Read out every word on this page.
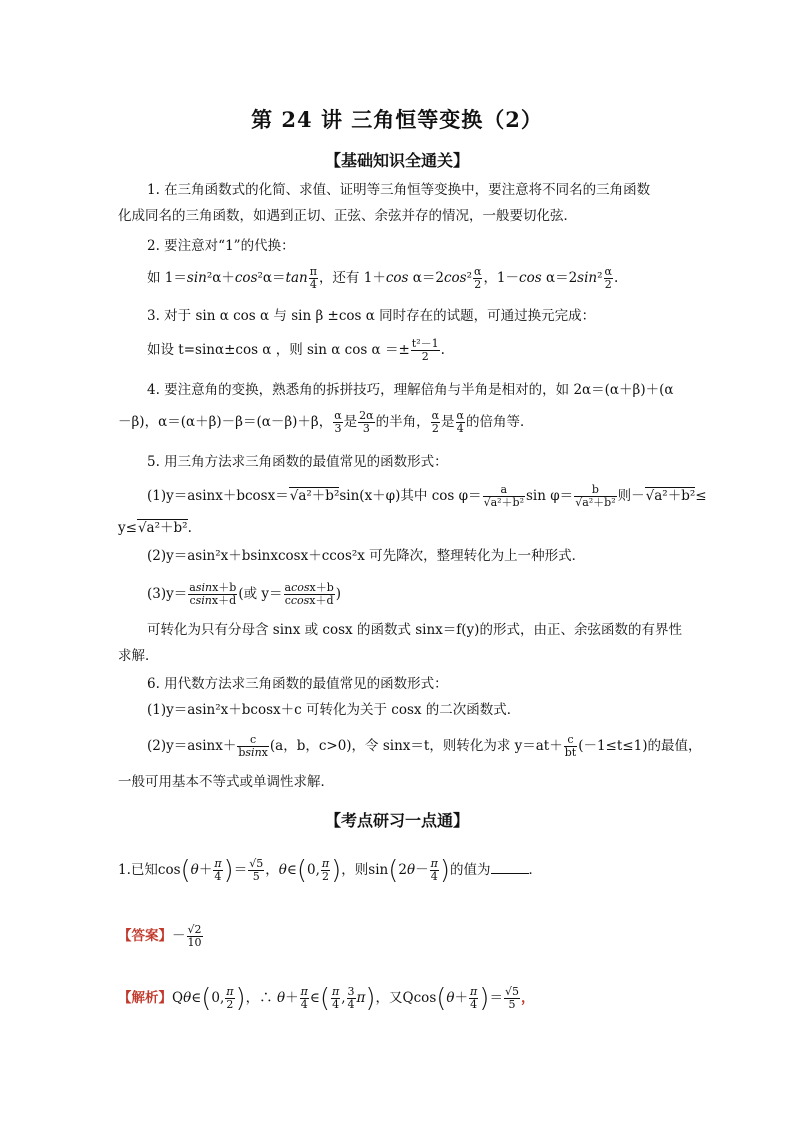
第 24 讲 三角恒等变换（2）
【基础知识全通关】
1. 在三角函数式的化简、求值、证明等三角恒等变换中，要注意将不同名的三角函数
化成同名的三角函数，如遇到正切、正弦、余弦并存的情况，一般要切化弦．
2. 要注意对“1”的代换：
如 $1=\sin^2\alpha+\cos^2\alpha=\tan \frac{\pi}{4}$ ，还有 1＋cos $\alpha=2\cos^2 \frac{\alpha}{2}$ ，1－cos $\alpha=2\sin^2 \frac{\alpha}{2}$ .
3. 对于 sin α cos α 与 sin β ±cos α 同时存在的试题，可通过换元完成：
如设 t=sinα±cos α ，则 sin α $\cos \alpha =\pm \frac{\text{t²－1}}{2}$ .
4. 要注意角的变换，熟悉角的拆拼技巧，理解倍角与半角是相对的，如 2α＝(α＋β)＋(α
－β)，α＝(α＋β)－β＝(α－β)＋β， $\frac{\alpha}{3}$ 是 $\frac{2\alpha}{3}$ 的半角， $\frac{\alpha}{2}$ 是 $\frac{\alpha}{4}$ 的倍角等．
5. 用三角方法求三角函数的最值常见的函数形式：
(1)y＝asinx＋bcosx＝√a²＋b²sin(x＋φ)其中 $\cos \varphi= \frac{a}{\text{√a²＋b²}}$ $\sin \varphi= \frac{b}{\text{√a²＋b²}}$ 则－√a²＋b²≤
y≤√a²＋b².
(2)y＝asin²x＋bsinxcosx＋ccos²x 可先降次，整理转化为上一种形式．
$(3)y= \frac{asinx+b}{csinx+d}$ (或 $y= \frac{acosx+b}{ccosx+d}$ )
可转化为只有分母含 sinx 或 cosx 的函数式 sinx＝f(y)的形式，由正、余弦函数的有界性
求解．
6. 用代数方法求三角函数的最值常见的函数形式：
(1)y＝asin²x＋bcosx＋c 可转化为关于 cosx 的二次函数式．
$(2)y=asinx+ \frac{c}{bsinx} (a$，b，c>0)，令 sinx＝t，则转化为求 $y=at+ \frac{c}{bt} (-1\le t\le 1)$的最值，
一般可用基本不等式或单调性求解．
【考点研习一点通】
1.已知$\cos(\theta+ \frac{\pi}{4}$ )＝ $\frac{√5}{5}$ ，θ∈(0, $\frac{\pi}{2}$ )，则$\sin(2\theta- \frac{\pi}{4}$ )的值为	．
【答案】－ $\frac{√2}{10}$
【解析】Qθ∈(0, $\frac{\pi}{2}$ )，∴ $\theta+ \frac{\pi}{4}$ ∈( $\frac{\pi}{4}$ , $\frac{3}{4} \pi$)，又$Qcos(\theta+ \frac{\pi}{4}$ )＝ $\frac{√5}{5}$ ，
